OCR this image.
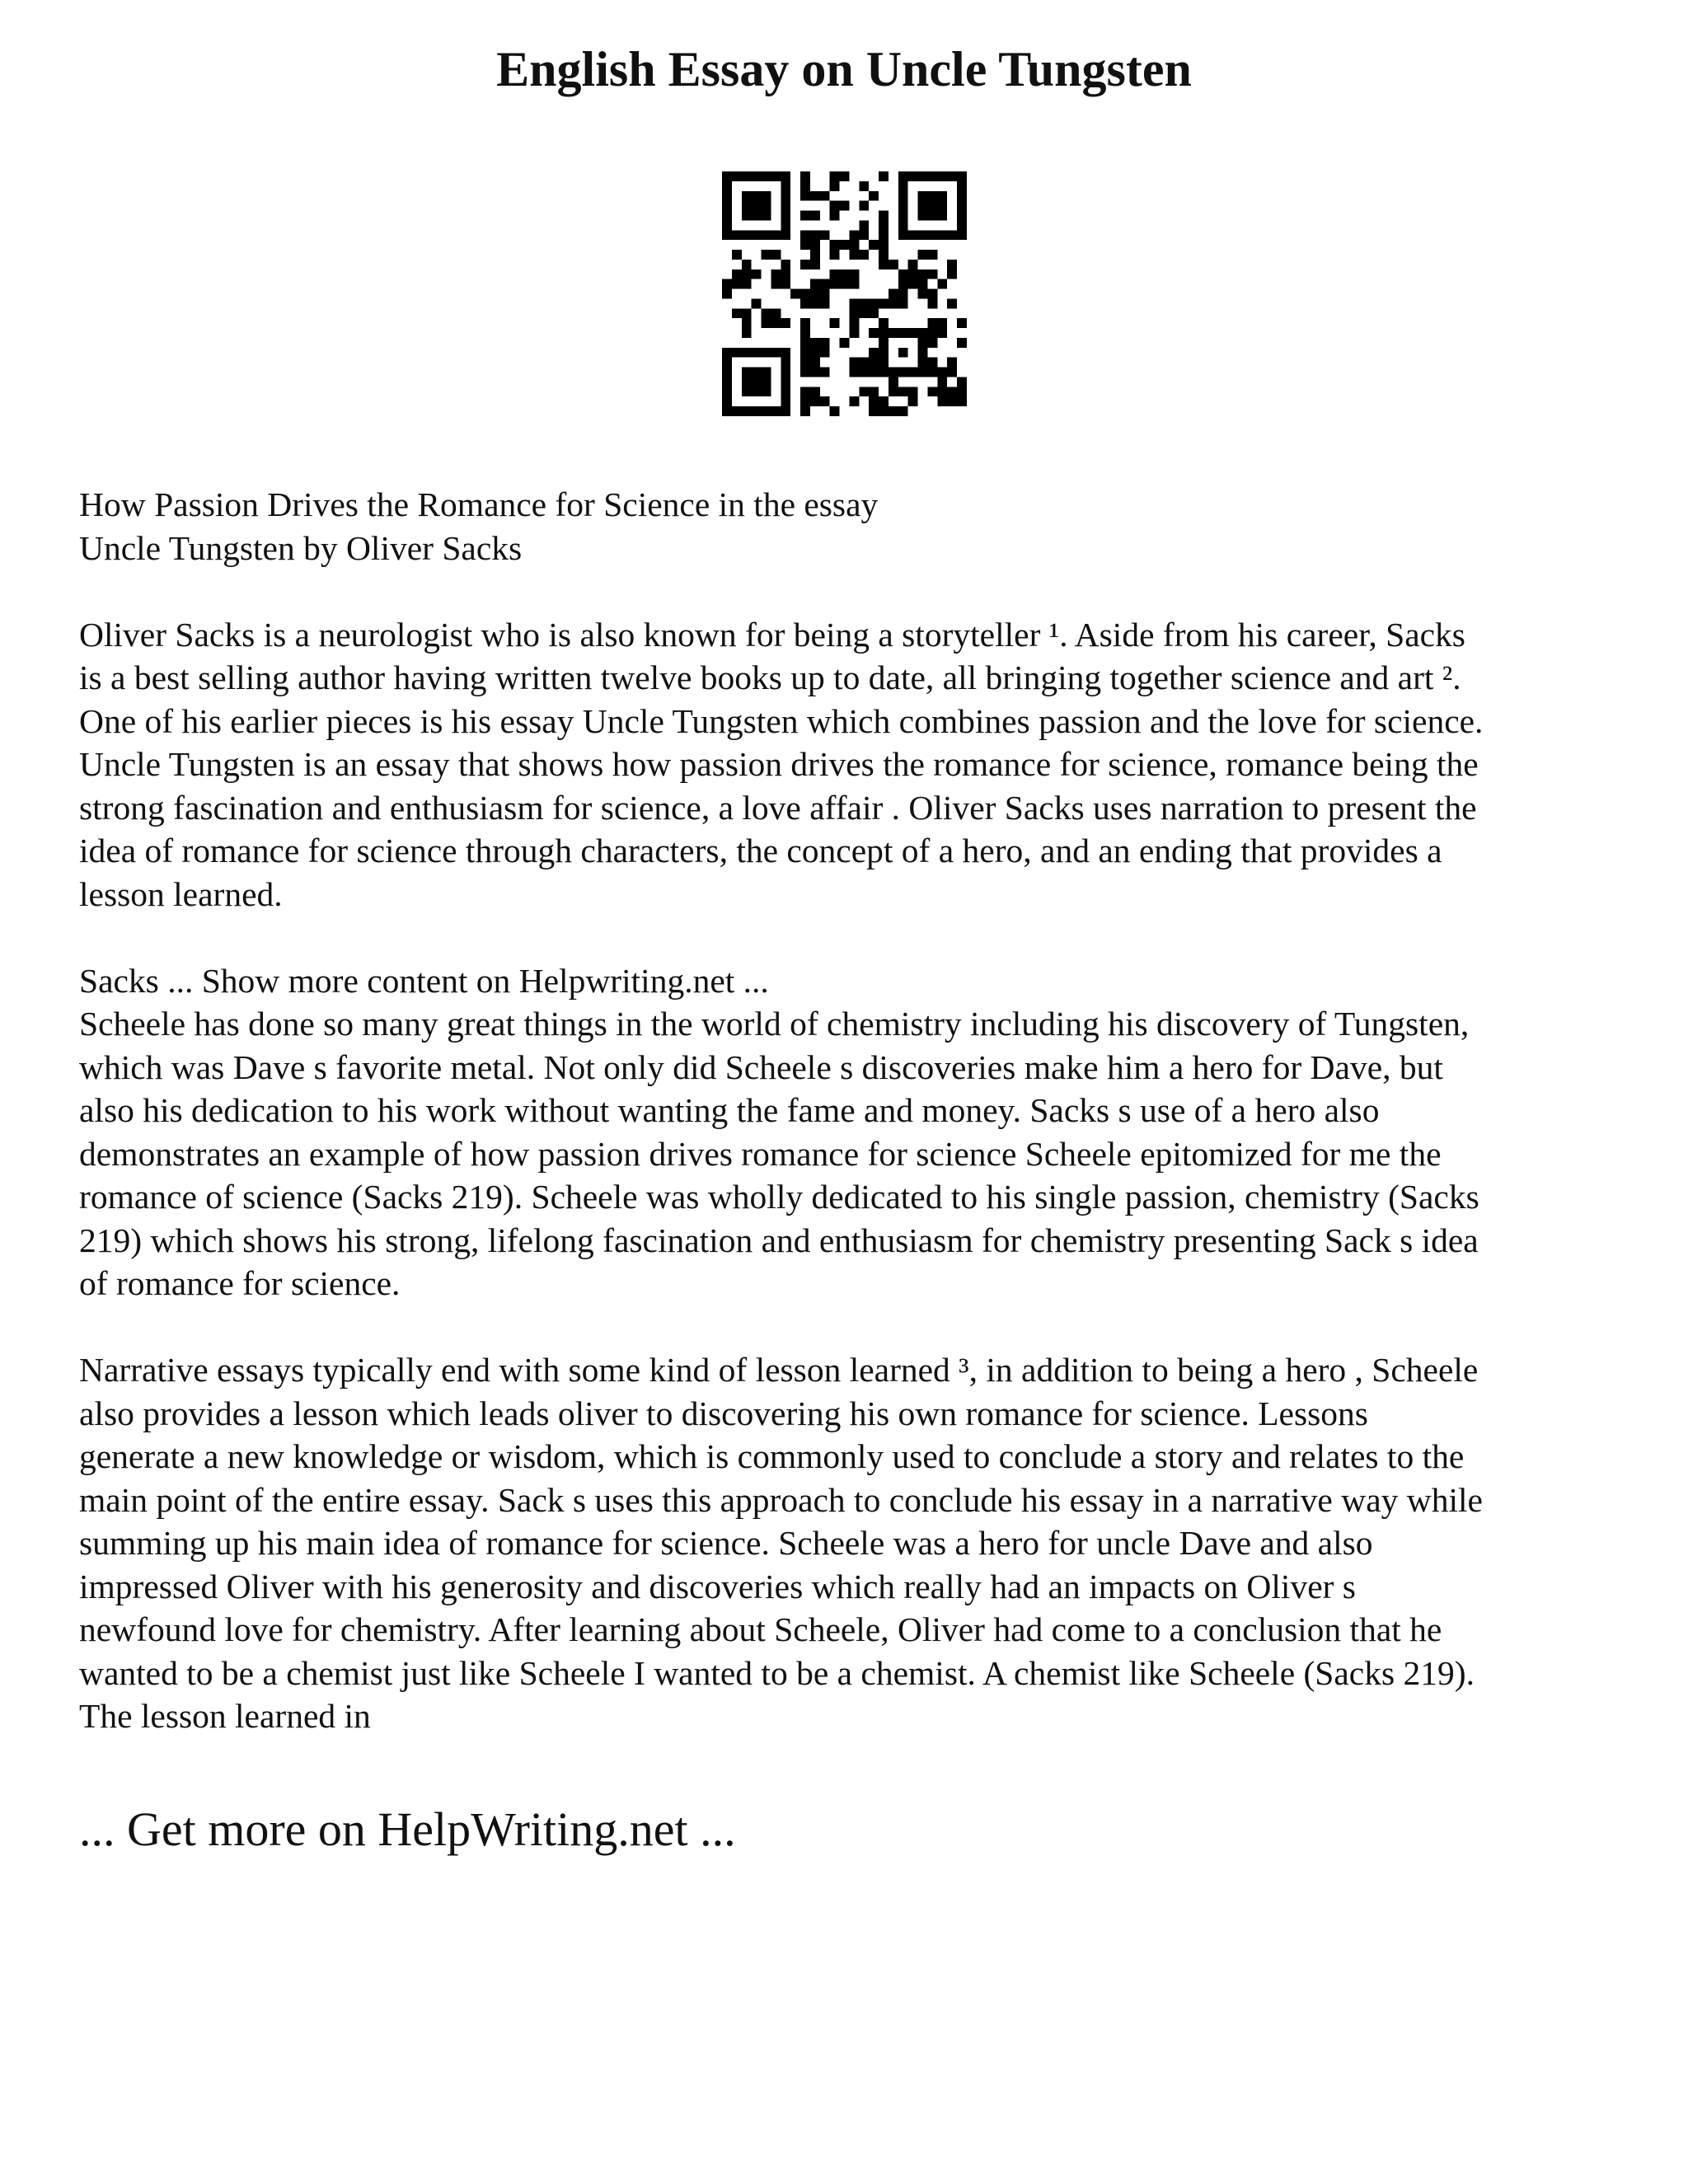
English Essay on Uncle Tungsten

How Passion Drives the Romance for Science in the essay
Uncle Tungsten by Oliver Sacks

Oliver Sacks is a neurologist who is also known for being a storyteller ¹. Aside from his career, Sacks
is a best selling author having written twelve books up to date, all bringing together science and art ².
One of his earlier pieces is his essay Uncle Tungsten which combines passion and the love for science.
Uncle Tungsten is an essay that shows how passion drives the romance for science, romance being the
strong fascination and enthusiasm for science, a love affair . Oliver Sacks uses narration to present the
idea of romance for science through characters, the concept of a hero, and an ending that provides a
lesson learned.

Sacks ... Show more content on Helpwriting.net ...
Scheele has done so many great things in the world of chemistry including his discovery of Tungsten,
which was Dave s favorite metal. Not only did Scheele s discoveries make him a hero for Dave, but
also his dedication to his work without wanting the fame and money. Sacks s use of a hero also
demonstrates an example of how passion drives romance for science Scheele epitomized for me the
romance of science (Sacks 219). Scheele was wholly dedicated to his single passion, chemistry (Sacks
219) which shows his strong, lifelong fascination and enthusiasm for chemistry presenting Sack s idea
of romance for science.

Narrative essays typically end with some kind of lesson learned ³, in addition to being a hero , Scheele
also provides a lesson which leads oliver to discovering his own romance for science. Lessons
generate a new knowledge or wisdom, which is commonly used to conclude a story and relates to the
main point of the entire essay. Sack s uses this approach to conclude his essay in a narrative way while
summing up his main idea of romance for science. Scheele was a hero for uncle Dave and also
impressed Oliver with his generosity and discoveries which really had an impacts on Oliver s
newfound love for chemistry. After learning about Scheele, Oliver had come to a conclusion that he
wanted to be a chemist just like Scheele I wanted to be a chemist. A chemist like Scheele (Sacks 219).
The lesson learned in

... Get more on HelpWriting.net ...
